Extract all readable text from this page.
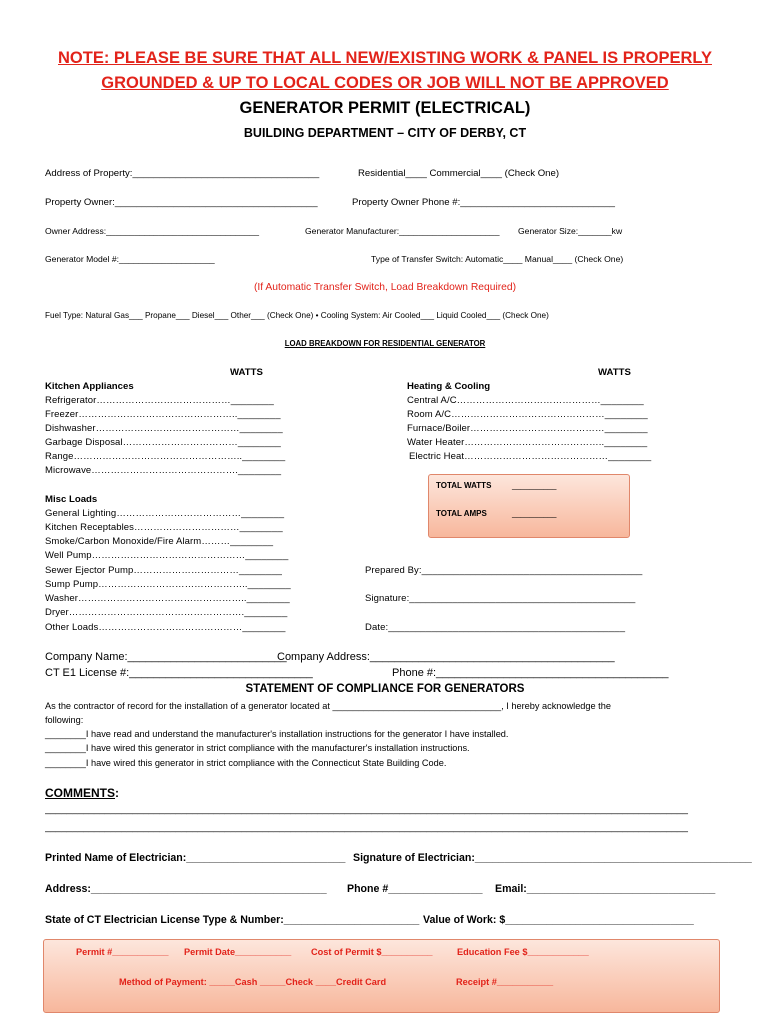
NOTE: PLEASE BE SURE THAT ALL NEW/EXISTING WORK & PANEL IS PROPERLY
GROUNDED & UP TO LOCAL CODES OR JOB WILL NOT BE APPROVED
GENERATOR PERMIT (ELECTRICAL)
BUILDING DEPARTMENT – CITY OF DERBY, CT
Address of Property:___________________________________	Residential____ Commercial____ (Check One)
Property Owner:______________________________________	Property Owner Phone #:_____________________________
Owner Address:________________________________	Generator Manufacturer:_____________________ Generator Size:_______kw
Generator Model #:____________________	Type of Transfer Switch: Automatic____ Manual____ (Check One)
(If Automatic Transfer Switch, Load Breakdown Required)
Fuel Type: Natural Gas___ Propane___ Diesel___ Other___ (Check One) • Cooling System: Air Cooled___ Liquid Cooled___ (Check One)
LOAD BREAKDOWN FOR RESIDENTIAL GENERATOR
WATTS	WATTS
Kitchen Appliances
Refrigerator……………………………………________
Freezer…………………………………………..________
Dishwasher………………………………………________
Garbage Disposal………………………………________
Range……………………………………………..________
Microwave……………………………………….________
Heating & Cooling
Central A/C………………………………………________
Room A/C…………………………………………________
Furnace/Boiler……………………………………________
Water Heater……………………………………..________
Electric Heat………………………………………________
TOTAL WATTS	__________
TOTAL AMPS	__________
Misc Loads
General Lighting…………………………………________
Kitchen Receptables……………………………________
Smoke/Carbon Monoxide/Fire Alarm………________
Well Pump…………………………………………________
Sewer Ejector Pump……………………………________
Sump Pump………………………………………..________
Washer……………………………………………..________
Dryer……………………………………………….________
Other Loads………………………………………________
Prepared By:_________________________________________
Signature:__________________________________________
Date:____________________________________________
Company Name:__________________________
Company Address:________________________________________
CT E1 License #:______________________________	Phone #:______________________________________
STATEMENT OF COMPLIANCE FOR GENERATORS
As the contractor of record for the installation of a generator located at _________________________________, I hereby acknowledge the
following:
________I have read and understand the manufacturer's installation instructions for the generator I have installed.
________I have wired this generator in strict compliance with the manufacturer's installation instructions.
________I have wired this generator in strict compliance with the Connecticut State Building Code.
COMMENTS:
______________________________________________________________________________________________________________________
______________________________________________________________________________________________________________________
Printed Name of Electrician:___________________________ Signature of Electrician:_______________________________________________
Address:________________________________________ Phone #________________ Email:________________________________
State of CT Electrician License Type & Number:_______________________ Value of Work: $________________________________
Permit #___________ Permit Date___________ Cost of Permit $__________	Education Fee $____________
Method of Payment: _____Cash _____Check ____Credit Card	Receipt #___________
